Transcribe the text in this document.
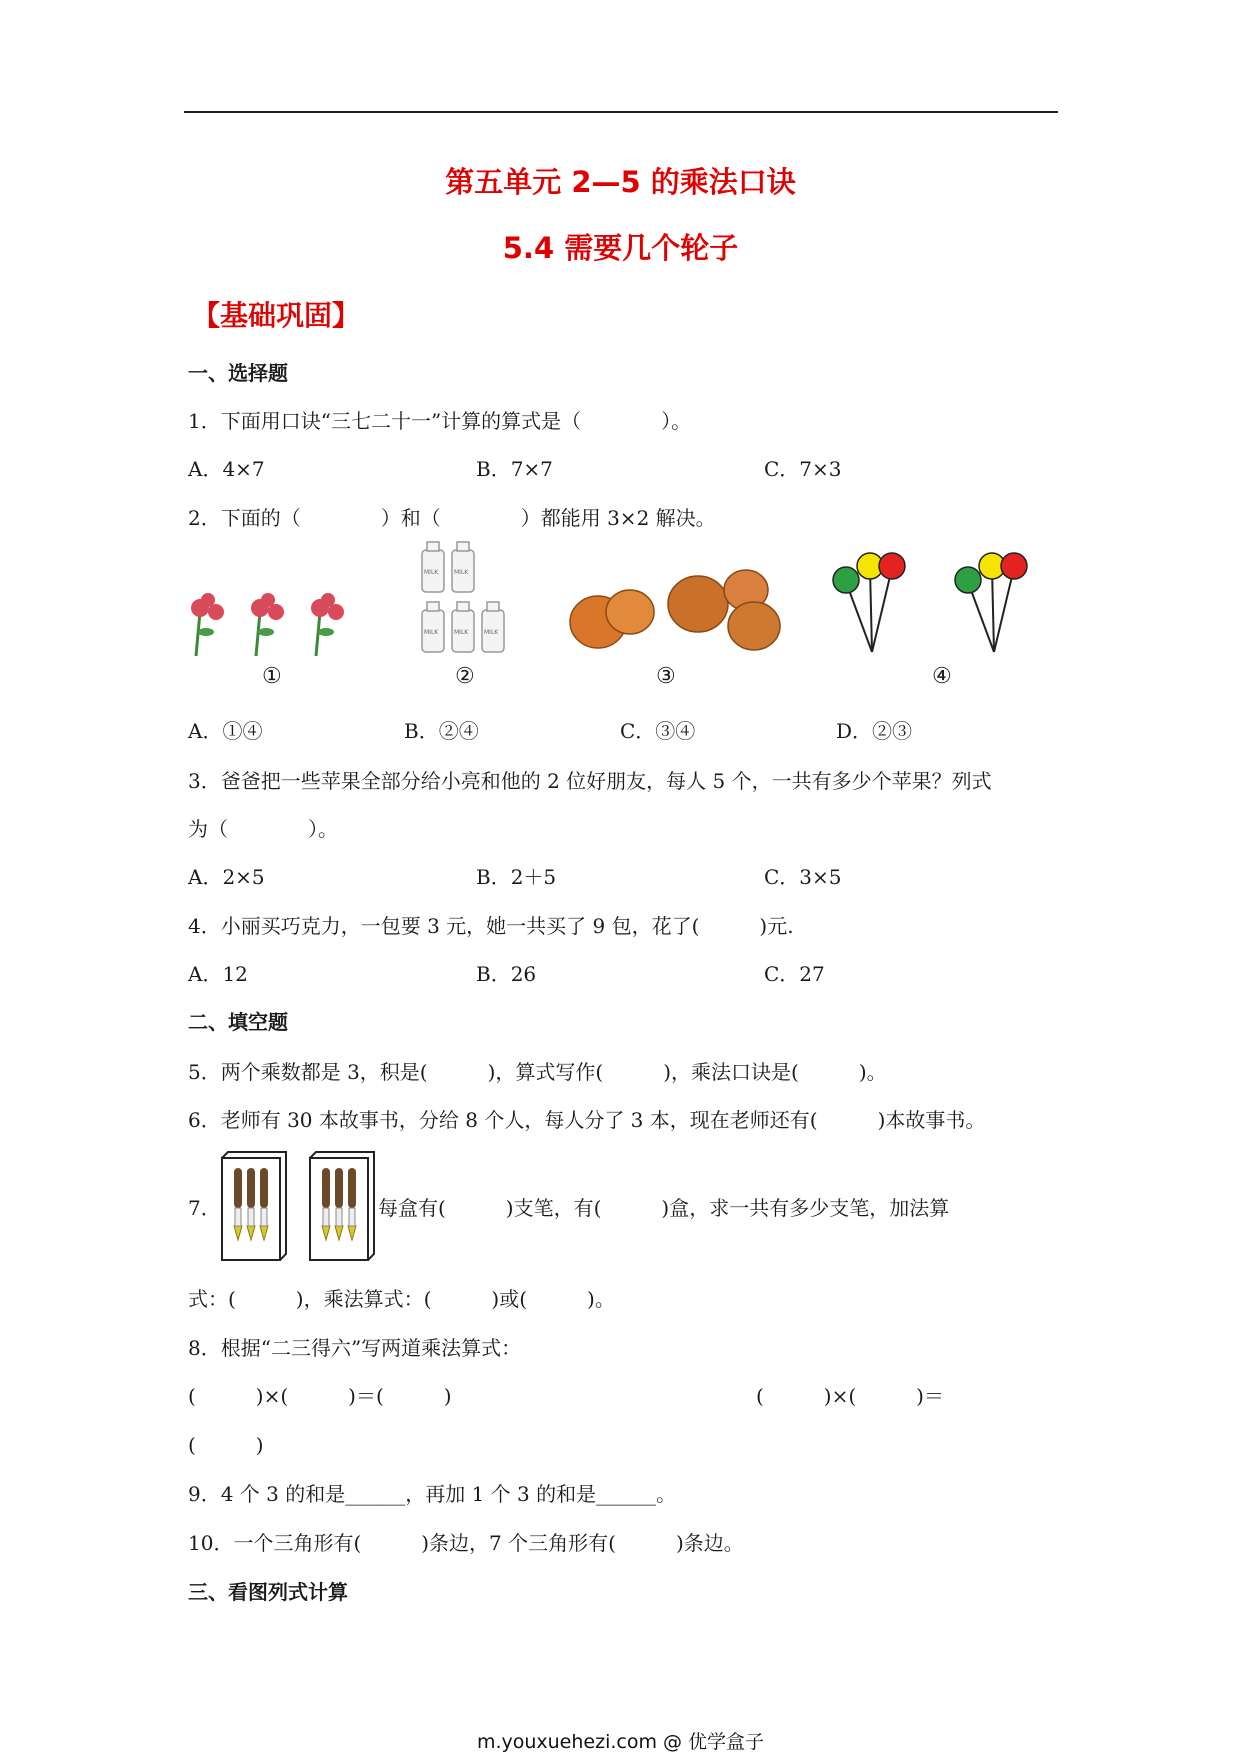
第五单元 2—5 的乘法口诀
5.4 需要几个轮子
【基础巩固】
一、选择题
1．下面用口诀“三七二十一”计算的算式是（　　　　）。
A．4×7	B．7×7	C．7×3
2．下面的（　　　　）和（　　　　）都能用 3×2 解决。
MILK	MILK
MILK	MILK	MILK
①	②	③	④
A．①④	B．②④	C．③④	D．②③
3．爸爸把一些苹果全部分给小亮和他的 2 位好朋友，每人 5 个，一共有多少个苹果？列式
为（　　　　）。
A．2×5	B．2＋5	C．3×5
4．小丽买巧克力，一包要 3 元，她一共买了 9 包，花了(　　　)元.
A．12	B．26	C．27
二、填空题
5．两个乘数都是 3，积是(　　　)，算式写作(　　　)，乘法口诀是(　　　)。
6．老师有 30 本故事书，分给 8 个人，每人分了 3 本，现在老师还有(　　　)本故事书。
7．	每盒有(　　　)支笔，有(　　　)盒，求一共有多少支笔，加法算
式：(　　　)，乘法算式：(　　　)或(　　　)。
8．根据“二三得六”写两道乘法算式：
(　　　)×(　　　)＝(　　　)	(　　　)×(　　　)＝
(　　　)
9．4 个 3 的和是______，再加 1 个 3 的和是______。
10．一个三角形有(　　　)条边，7 个三角形有(　　　)条边。
三、看图列式计算
m.youxuehezi.com @ 优学盒子
